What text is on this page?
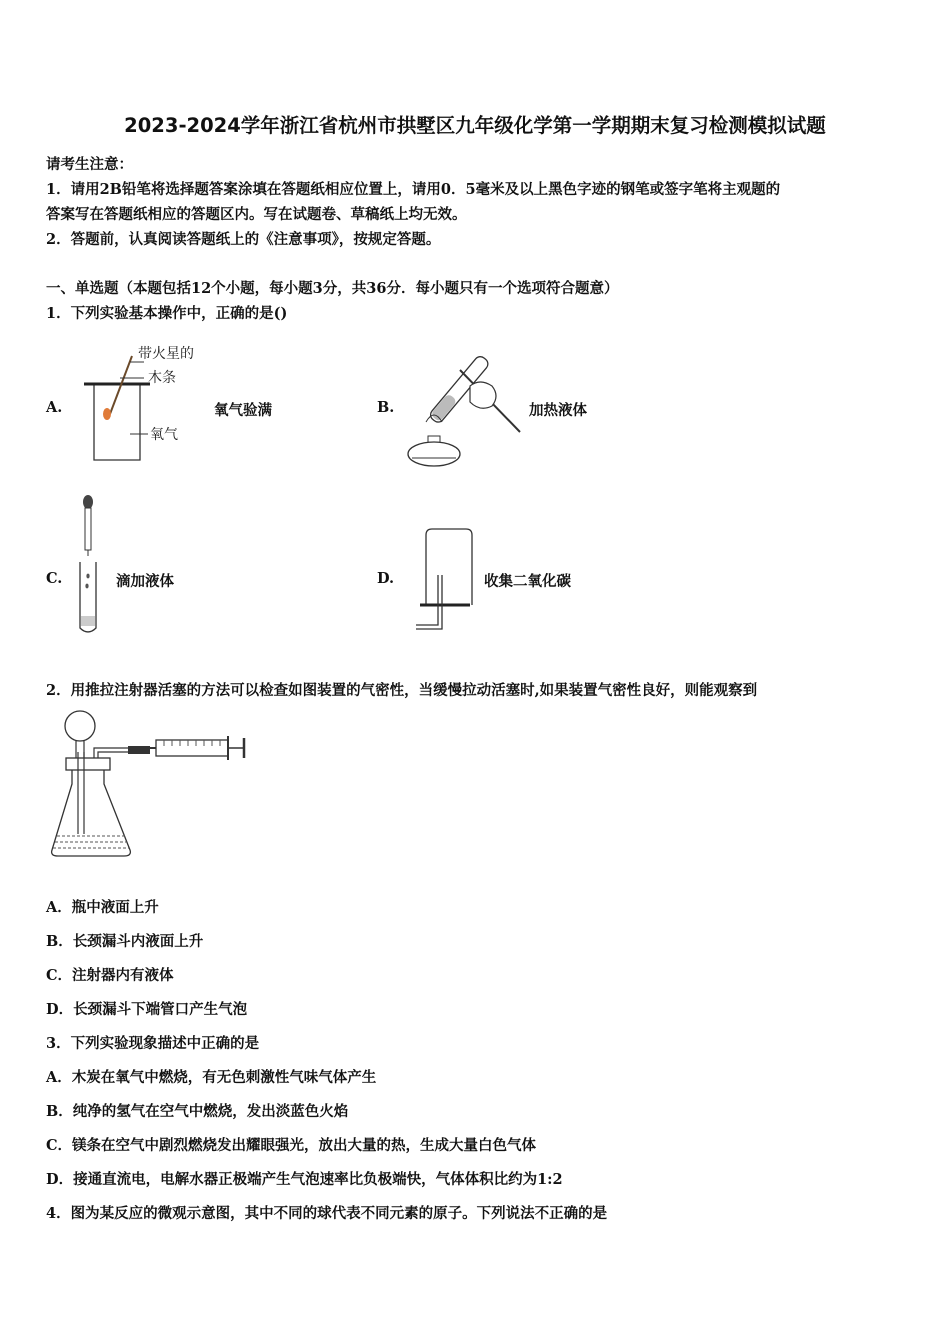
2023-2024学年浙江省杭州市拱墅区九年级化学第一学期期末复习检测模拟试题
请考生注意：
1．请用2B铅笔将选择题答案涂填在答题纸相应位置上，请用0．5毫米及以上黑色字迹的钢笔或签字笔将主观题的
答案写在答题纸相应的答题区内。写在试题卷、草稿纸上均无效。
2．答题前，认真阅读答题纸上的《注意事项》，按规定答题。
一、单选题（本题包括12个小题，每小题3分，共36分．每小题只有一个选项符合题意）
1．下列实验基本操作中，正确的是()
A.
带火星的
木条
氧气
氧气验满	B.	加热液体
C.	滴加液体	D.	收集二氧化碳
2．用推拉注射器活塞的方法可以检查如图装置的气密性，当缓慢拉动活塞时,如果装置气密性良好，则能观察到
A．瓶中液面上升
B．长颈漏斗内液面上升
C．注射器内有液体
D．长颈漏斗下端管口产生气泡
3．下列实验现象描述中正确的是
A．木炭在氧气中燃烧，有无色刺激性气味气体产生
B．纯净的氢气在空气中燃烧，发出淡蓝色火焰
C．镁条在空气中剧烈燃烧发出耀眼强光，放出大量的热，生成大量白色气体
D．接通直流电，电解水器正极端产生气泡速率比负极端快，气体体积比约为1:2
4．图为某反应的微观示意图，其中不同的球代表不同元素的原子。下列说法不正确的是
